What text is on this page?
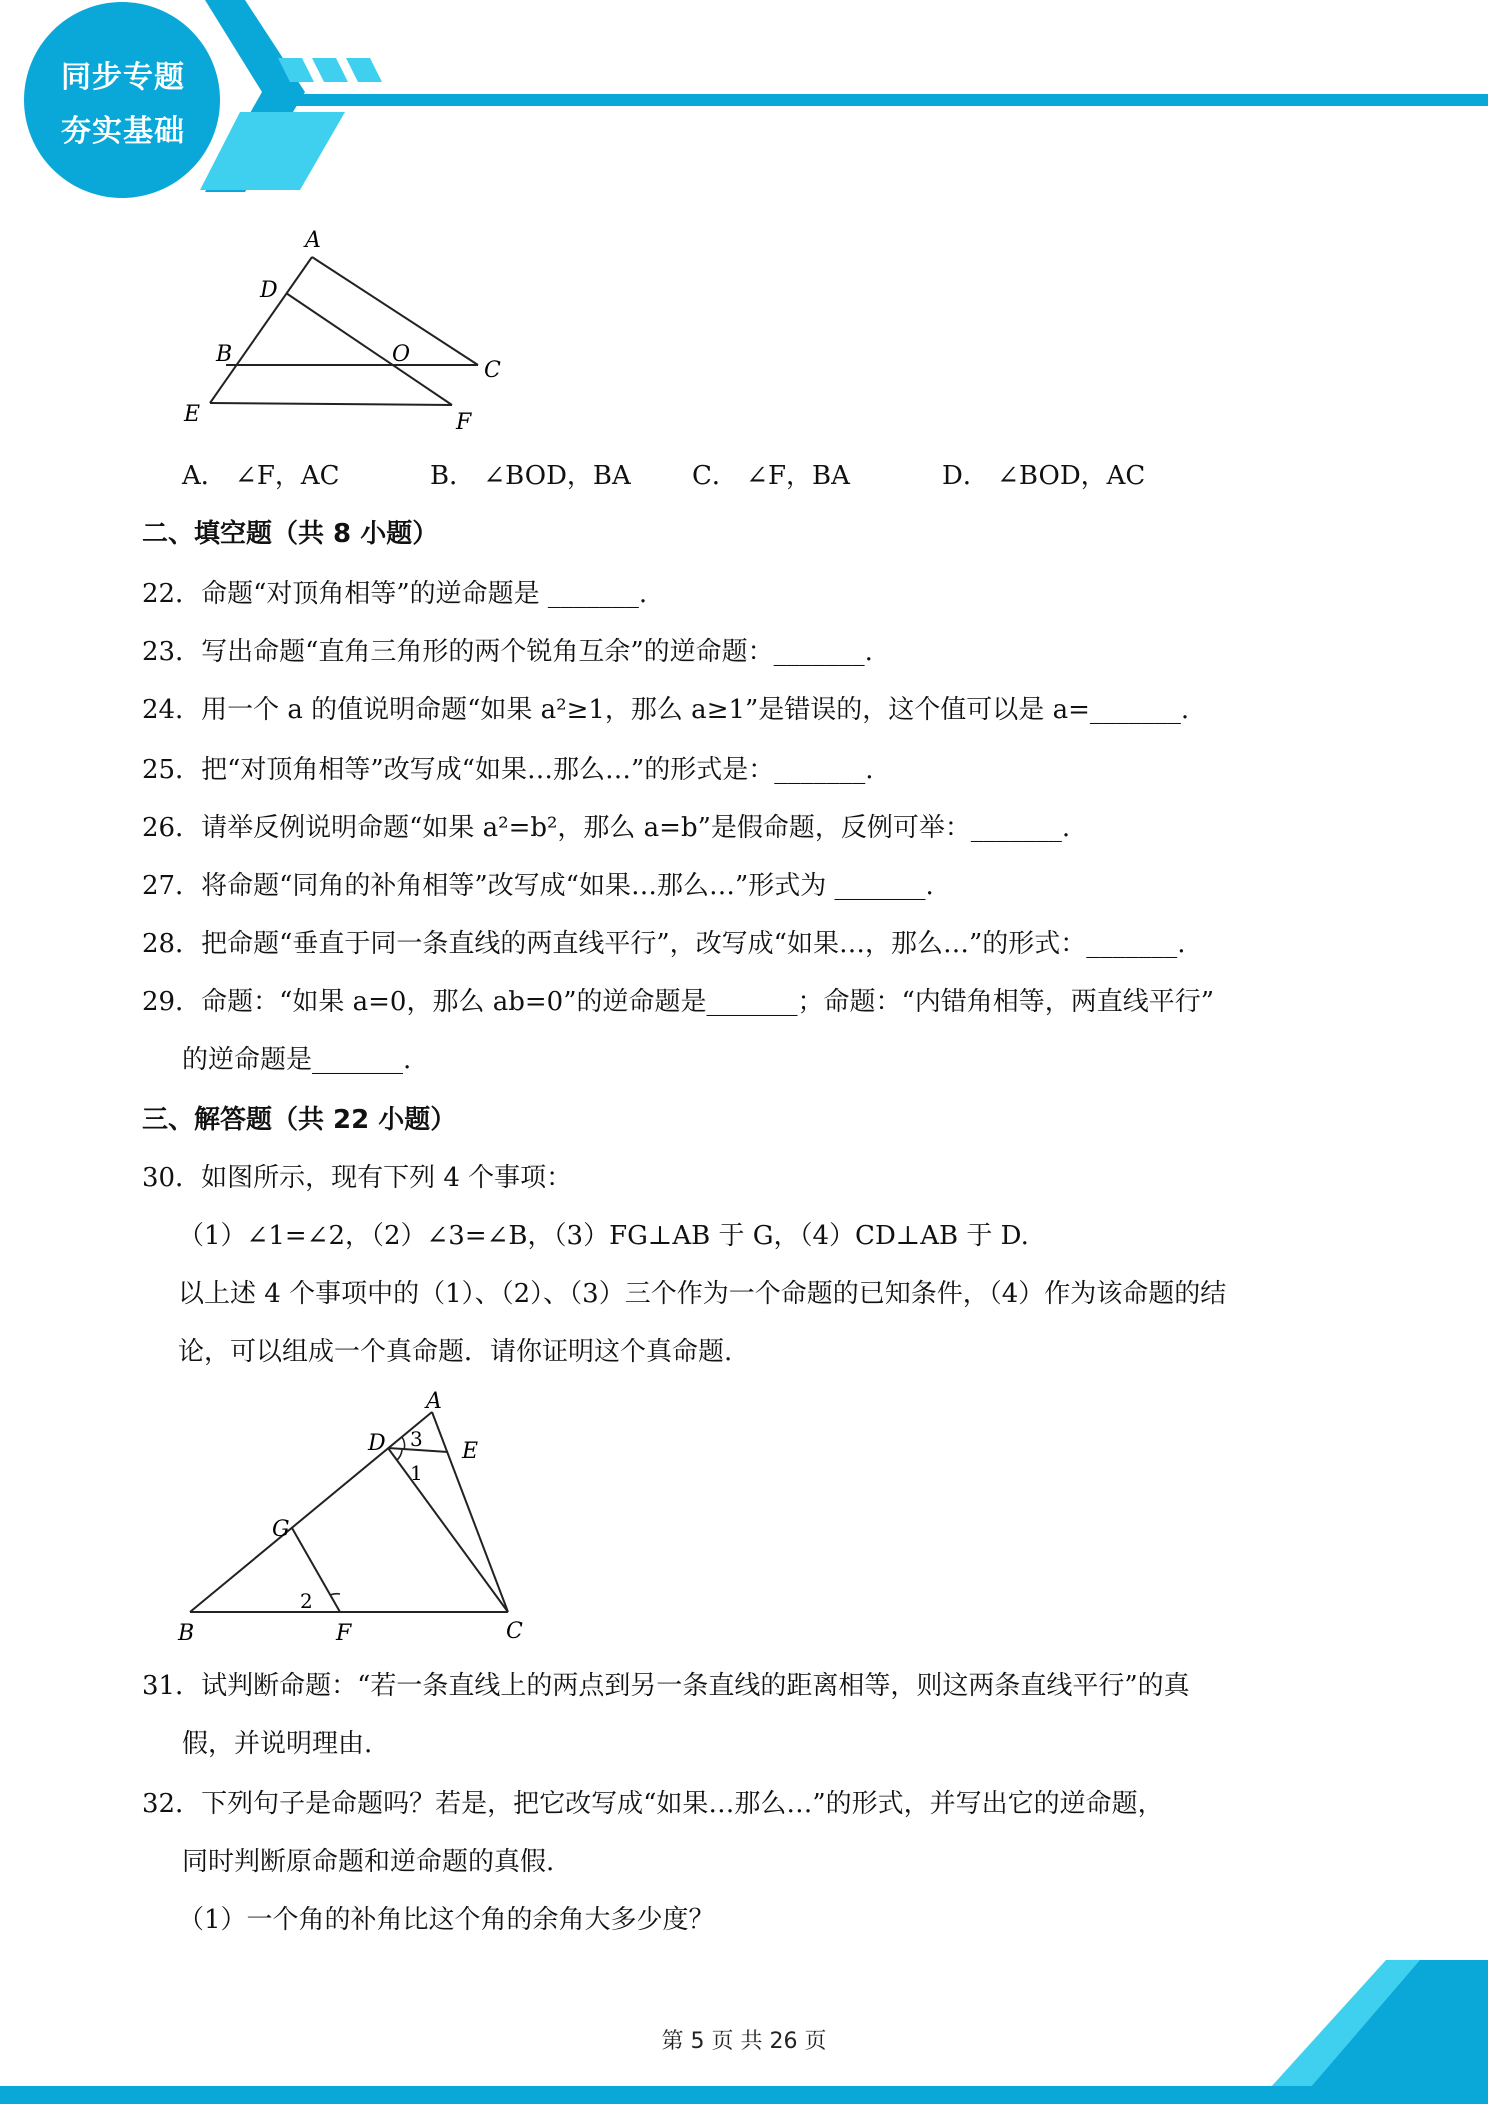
同步专题
夯实基础
A
D
B	O
C
E	F
A． ∠F，AC	B． ∠BOD，BA C． ∠F，BA	D． ∠BOD，AC
二、填空题（共 8 小题）
22．命题“对顶角相等”的逆命题是 _______.
23．写出命题“直角三角形的两个锐角互余”的逆命题：_______.
24．用一个 a 的值说明命题“如果 a²≥1，那么 a≥1”是错误的，这个值可以是 a=_______.
25．把“对顶角相等”改写成“如果…那么…”的形式是：_______.
26．请举反例说明命题“如果 a²=b²，那么 a=b”是假命题，反例可举：_______.
27．将命题“同角的补角相等”改写成“如果…那么…”形式为 _______.
28．把命题“垂直于同一条直线的两直线平行”，改写成“如果…，那么…”的形式：_______.
29．命题：“如果 a=0，那么 ab=0”的逆命题是_______；命题：“内错角相等，两直线平行”
的逆命题是_______.
三、解答题（共 22 小题）
30．如图所示，现有下列 4 个事项：
（1）∠1=∠2，（2）∠3=∠B，（3）FG⊥AB 于 G，（4）CD⊥AB 于 D.
以上述 4 个事项中的（1）、（2）、（3）三个作为一个命题的已知条件，（4）作为该命题的结
论，可以组成一个真命题．请你证明这个真命题.
A
D 3 E
1
G
2
B	F	C
31．试判断命题：“若一条直线上的两点到另一条直线的距离相等，则这两条直线平行”的真
假，并说明理由.
32．下列句子是命题吗？若是，把它改写成“如果…那么…”的形式，并写出它的逆命题，
同时判断原命题和逆命题的真假.
（1）一个角的补角比这个角的余角大多少度？
第 5 页 共 26 页
